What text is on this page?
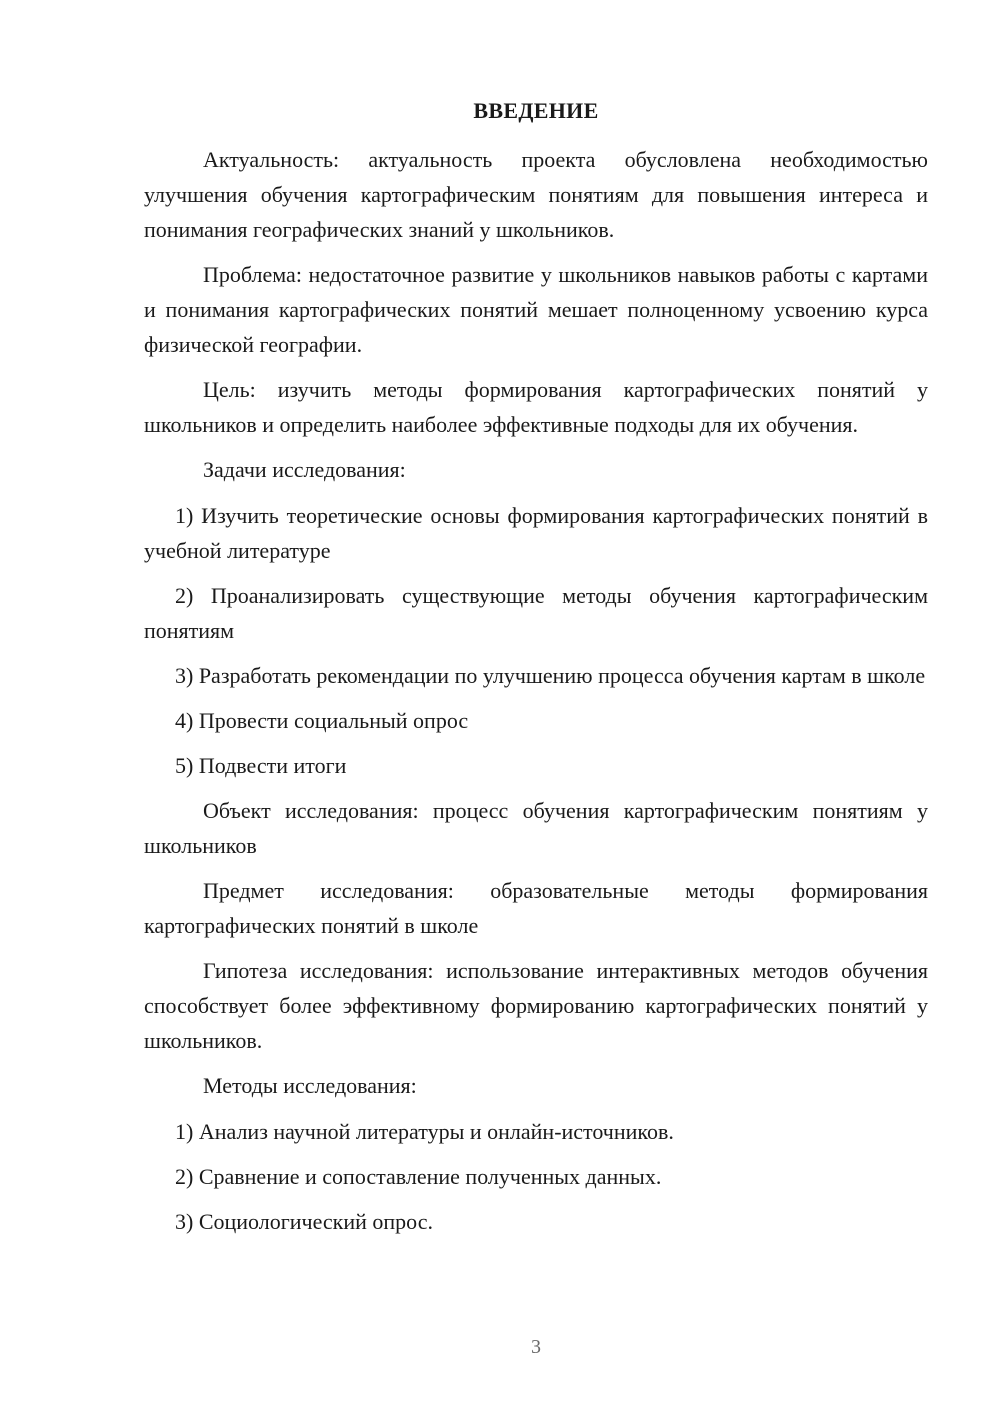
ВВЕДЕНИЕ

Актуальность: актуальность проекта обусловлена необходимостью улучшения обучения картографическим понятиям для повышения интереса и понимания географических знаний у школьников.

Проблема: недостаточное развитие у школьников навыков работы с картами и понимания картографических понятий мешает полноценному усвоению курса физической географии.

Цель: изучить методы формирования картографических понятий у школьников и определить наиболее эффективные подходы для их обучения.

Задачи исследования:

1) Изучить теоретические основы формирования картографических понятий в учебной литературе

2) Проанализировать существующие методы обучения картографическим понятиям

3) Разработать рекомендации по улучшению процесса обучения картам в школе

4) Провести социальный опрос

5) Подвести итоги

Объект исследования: процесс обучения картографическим понятиям у школьников

Предмет исследования: образовательные методы формирования картографических понятий в школе

Гипотеза исследования: использование интерактивных методов обучения способствует более эффективному формированию картографических понятий у школьников.

Методы исследования:

1) Анализ научной литературы и онлайн-источников.

2) Сравнение и сопоставление полученных данных.

3) Социологический опрос.

3
